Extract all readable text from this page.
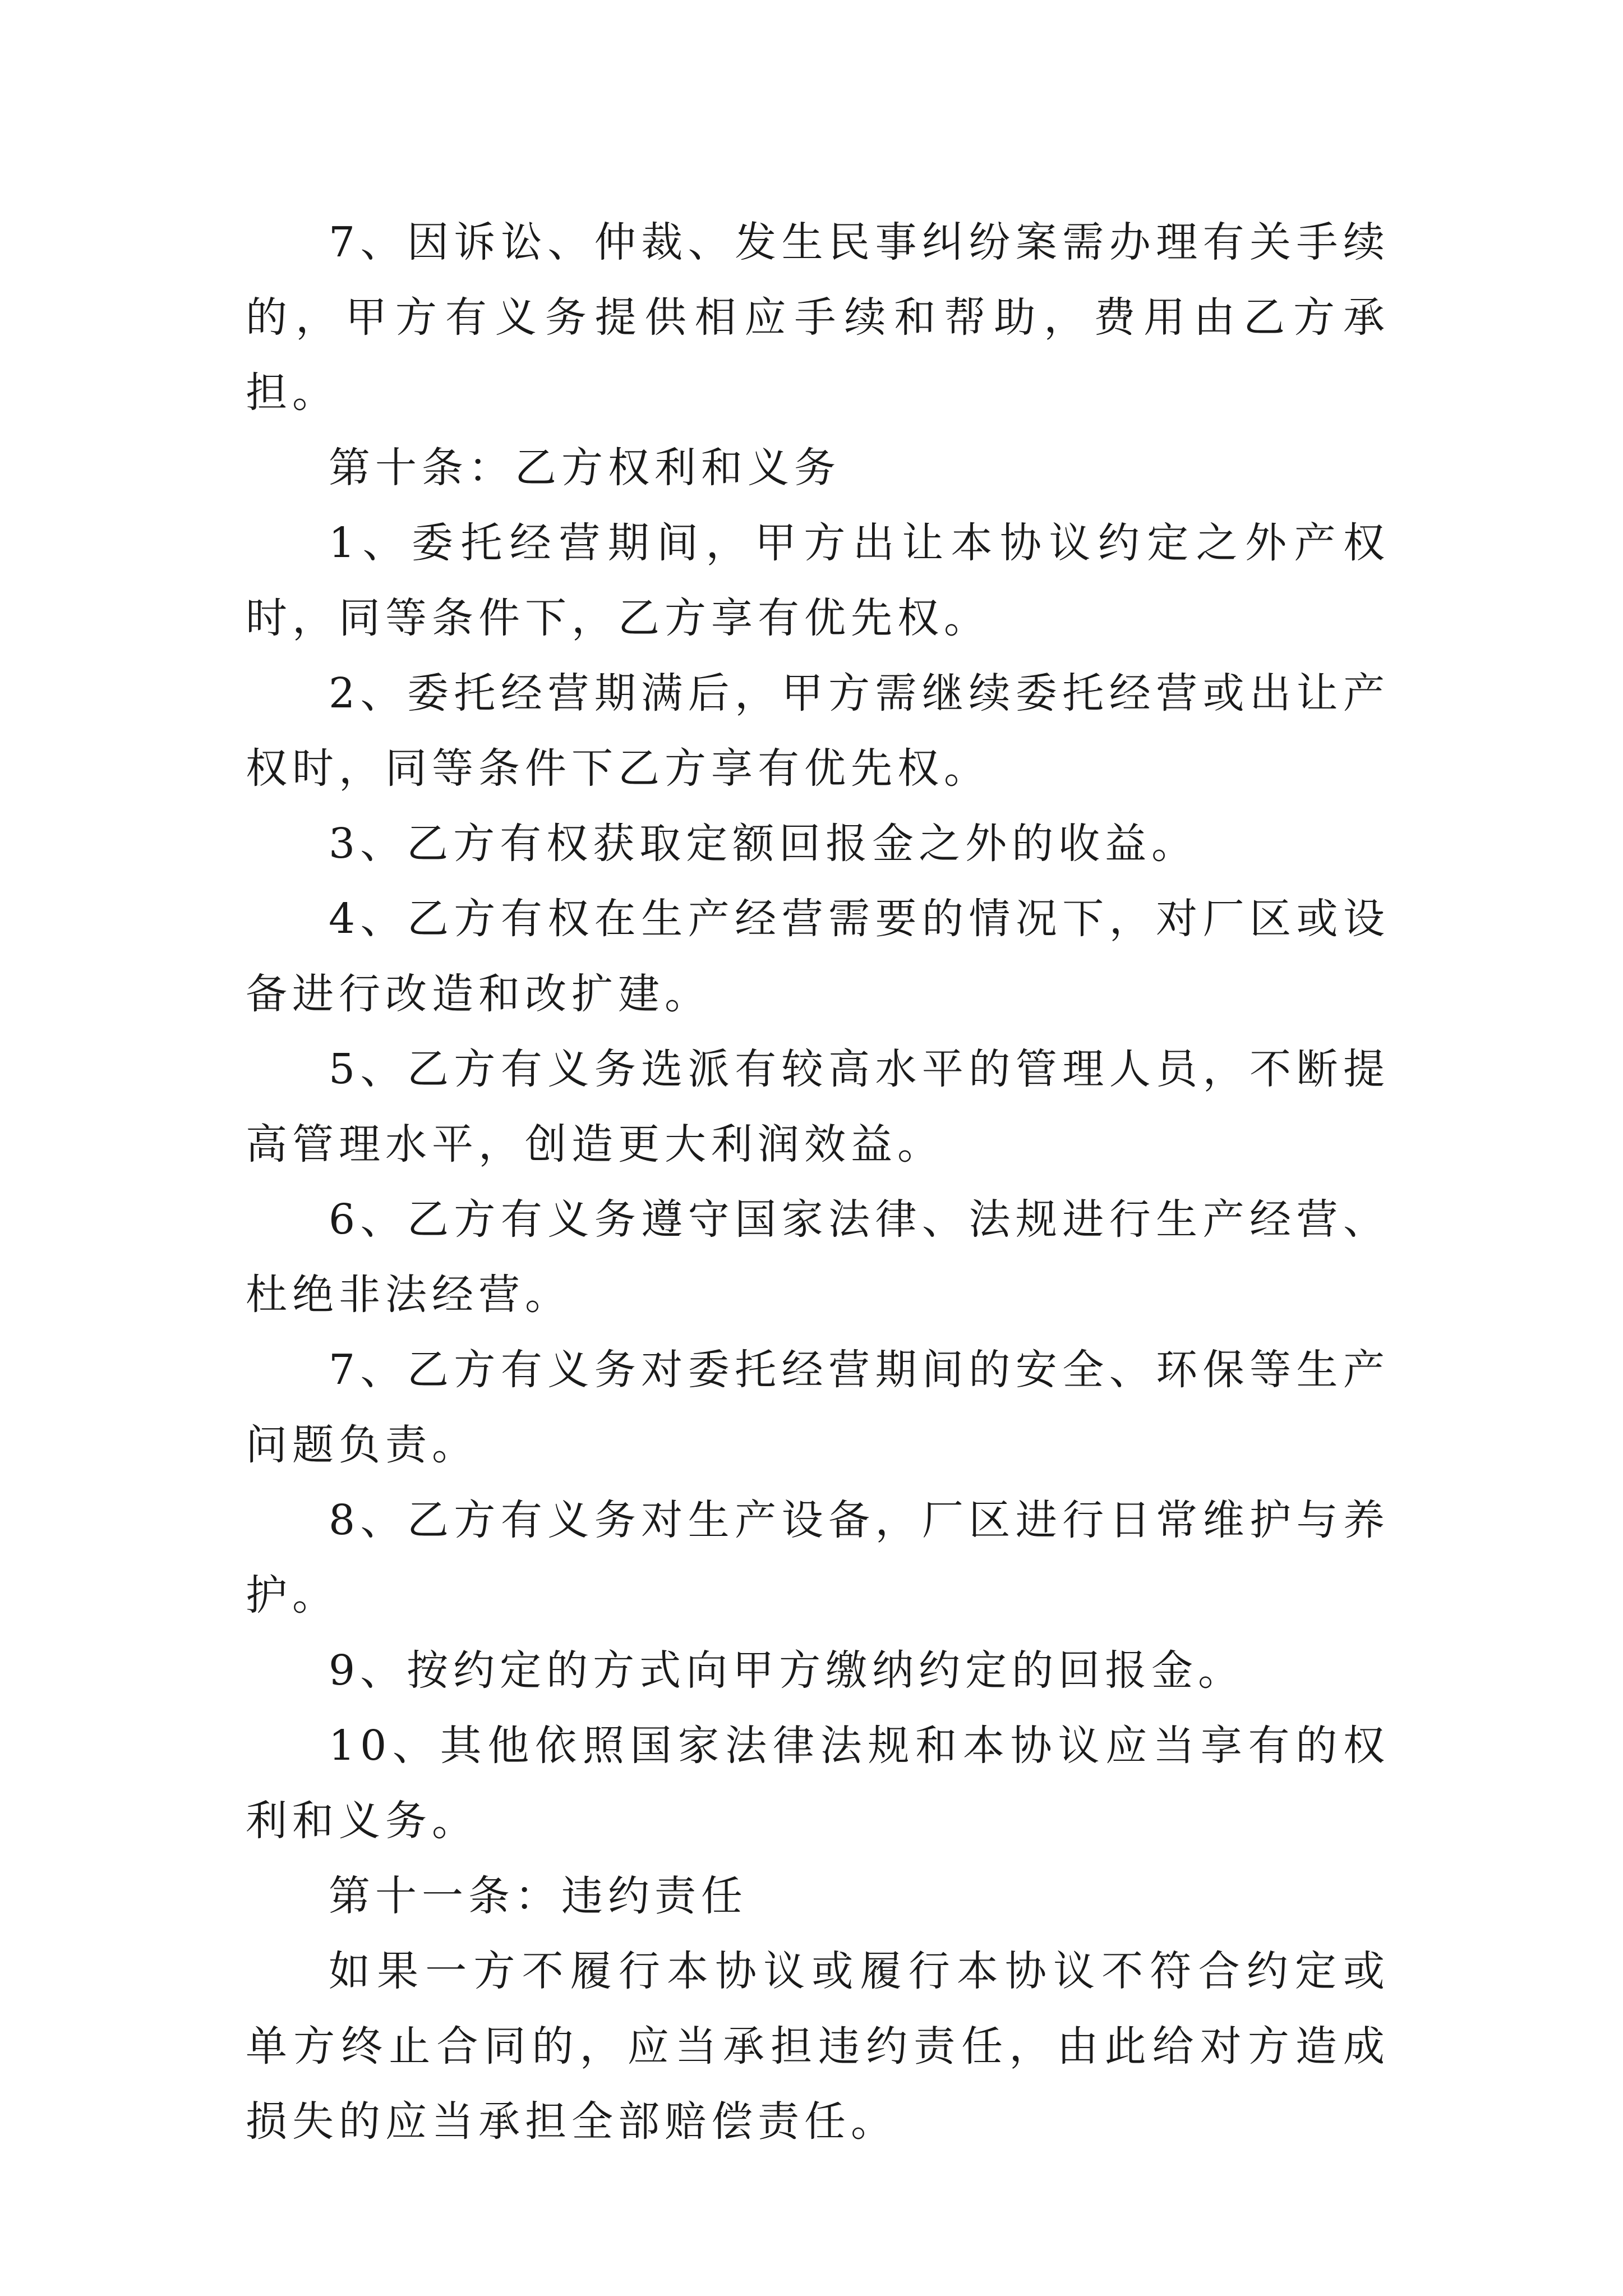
7、因诉讼、仲裁、发生民事纠纷案需办理有关手续的，甲方有义务提供相应手续和帮助，费用由乙方承担。

第十条：乙方权利和义务

1、委托经营期间，甲方出让本协议约定之外产权时，同等条件下，乙方享有优先权。

2、委托经营期满后，甲方需继续委托经营或出让产权时，同等条件下乙方享有优先权。

3、乙方有权获取定额回报金之外的收益。

4、乙方有权在生产经营需要的情况下，对厂区或设备进行改造和改扩建。

5、乙方有义务选派有较高水平的管理人员，不断提高管理水平，创造更大利润效益。

6、乙方有义务遵守国家法律、法规进行生产经营、杜绝非法经营。

7、乙方有义务对委托经营期间的安全、环保等生产问题负责。

8、乙方有义务对生产设备，厂区进行日常维护与养护。

9、按约定的方式向甲方缴纳约定的回报金。

10、其他依照国家法律法规和本协议应当享有的权利和义务。

第十一条：违约责任

如果一方不履行本协议或履行本协议不符合约定或单方终止合同的，应当承担违约责任，由此给对方造成损失的应当承担全部赔偿责任。
